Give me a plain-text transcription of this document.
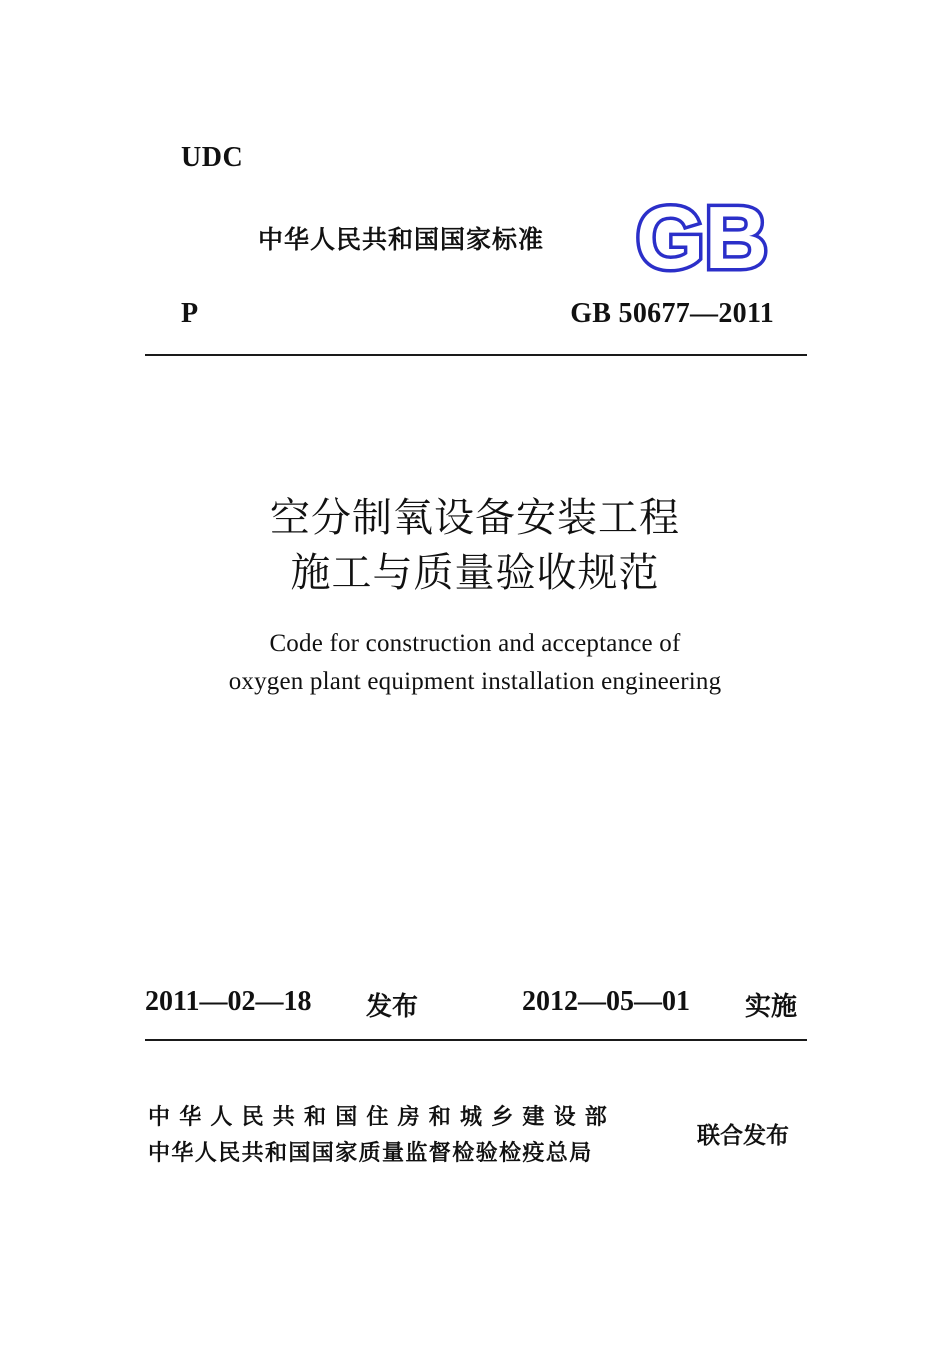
UDC
中华人民共和国国家标准 GB
P	GB 50677—2011
空分制氧设备安装工程
施工与质量验收规范
Code for construction and acceptance of
oxygen plant equipment installation engineering
2011—02—18 发布	2012—05—01 实施
中华人民共和国住房和城乡建设部
中华人民共和国国家质量监督检验检疫总局
联合发布
